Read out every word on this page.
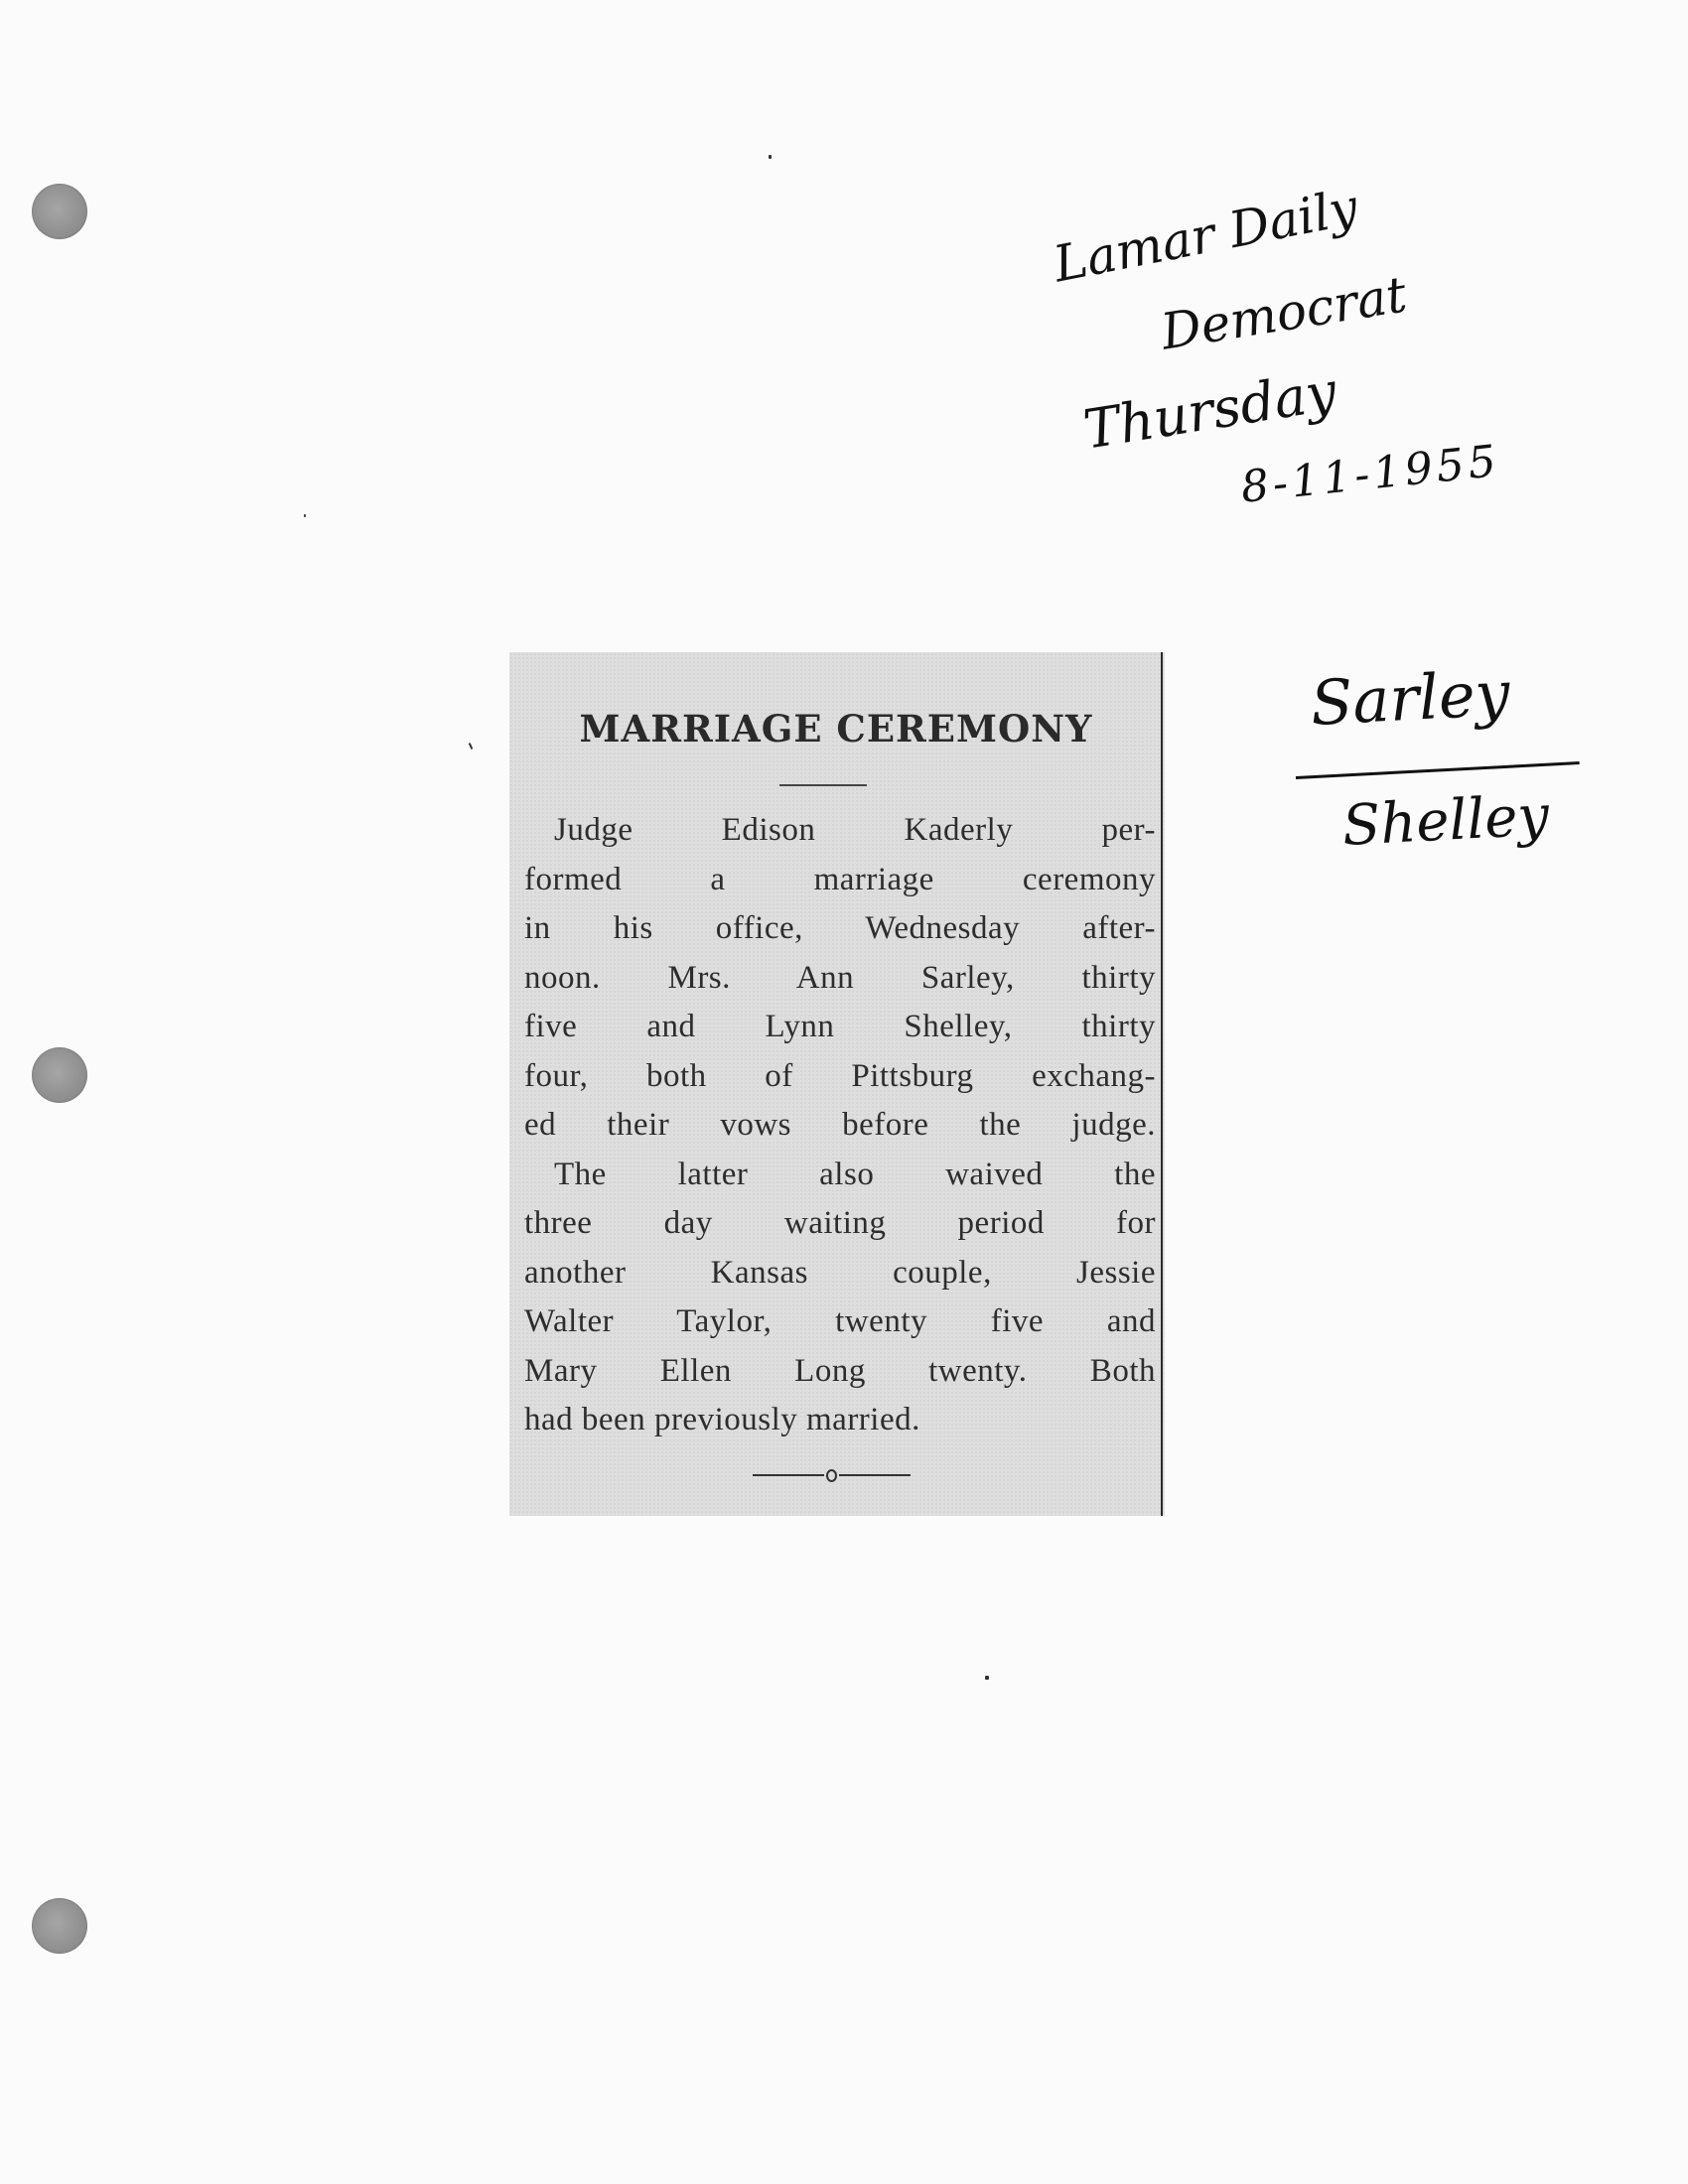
Lamar Daily
Democrat
Thursday
8-11-1955
Sarley
Shelley
MARRIAGE CEREMONY
Judge Edison Kaderly per-
formed a marriage ceremony
in his office, Wednesday after-
noon. Mrs. Ann Sarley, thirty
five and Lynn Shelley, thirty
four, both of Pittsburg exchang-
ed their vows before the judge.
The latter also waived the
three day waiting period for
another Kansas couple, Jessie
Walter Taylor, twenty five and
Mary Ellen Long twenty. Both
had been previously married.
